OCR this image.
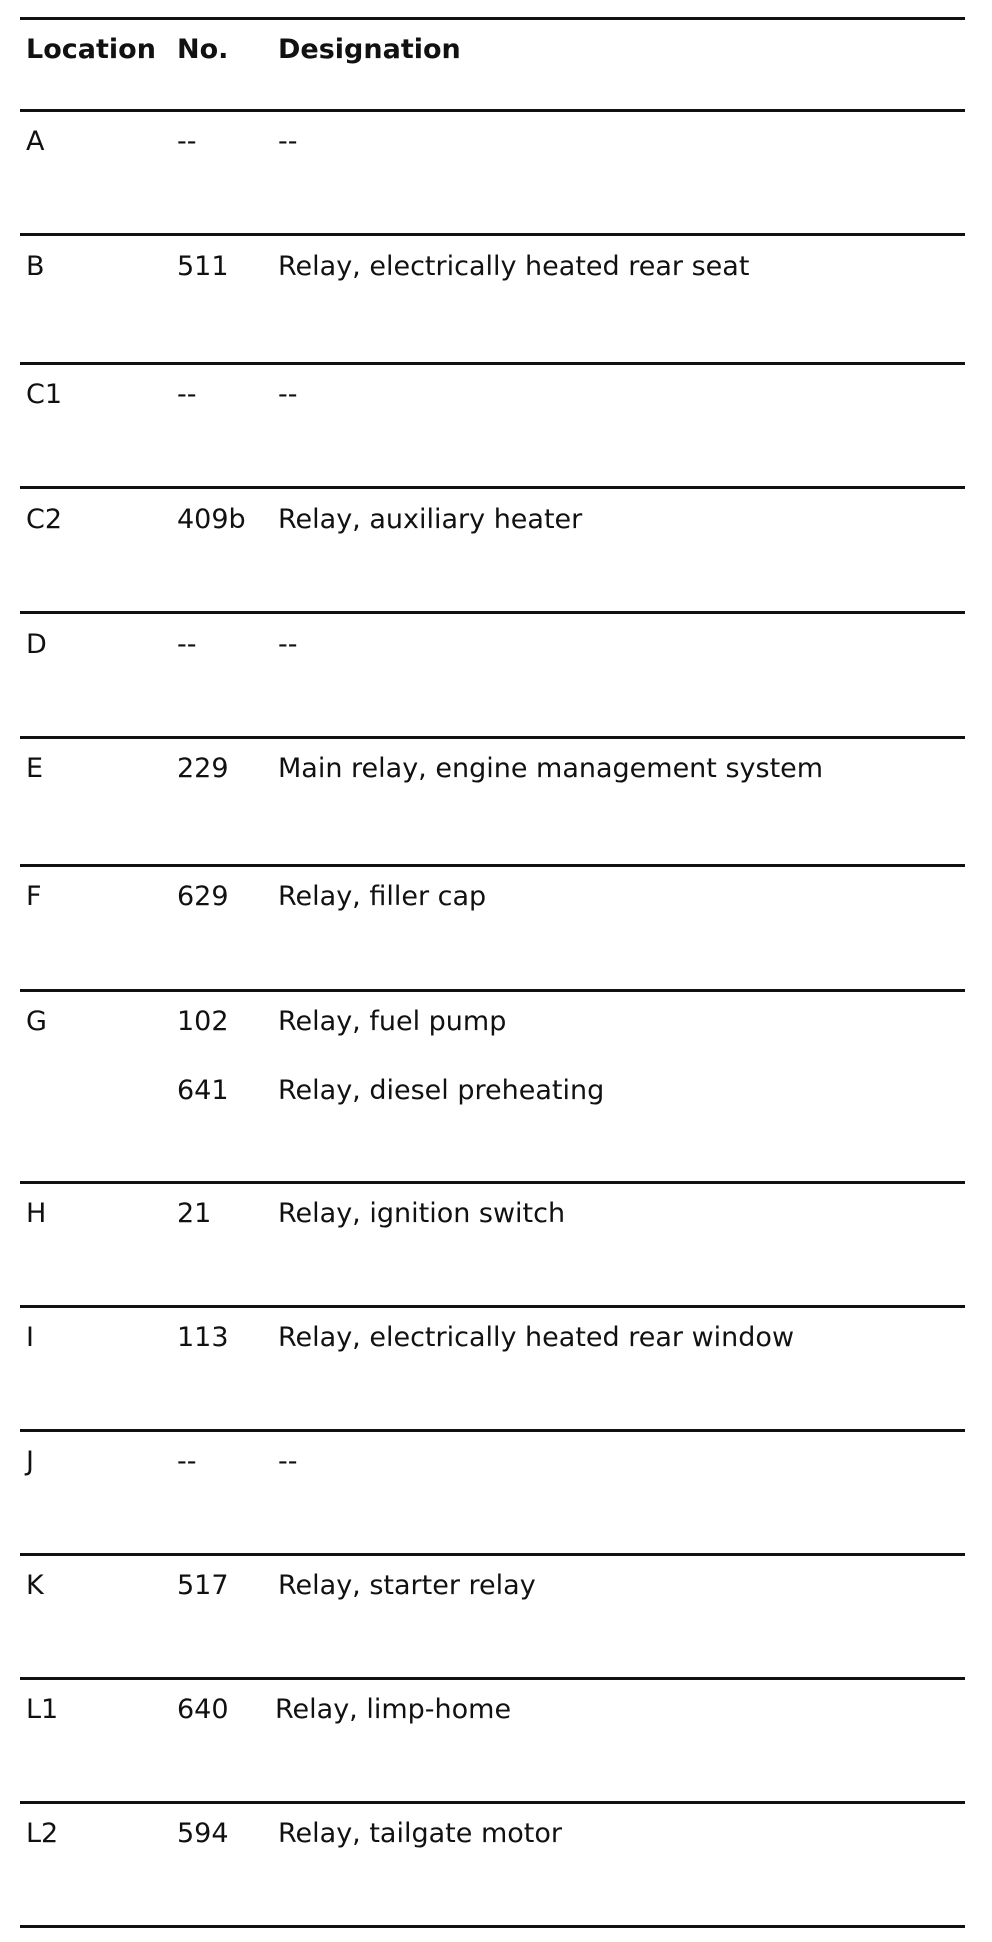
Location No. Designation
A	--	--
B	511 Relay, electrically heated rear seat
C1	--	--
C2	409b Relay, auxiliary heater
D	--	--
E	229 Main relay, engine management system
F	629 Relay, filler cap
G	102 Relay, fuel pump
641 Relay, diesel preheating
H	21 Relay, ignition switch
I	113 Relay, electrically heated rear window
J	--	--
K	517 Relay, starter relay
L1	640 Relay, limp-home
L2	594 Relay, tailgate motor
